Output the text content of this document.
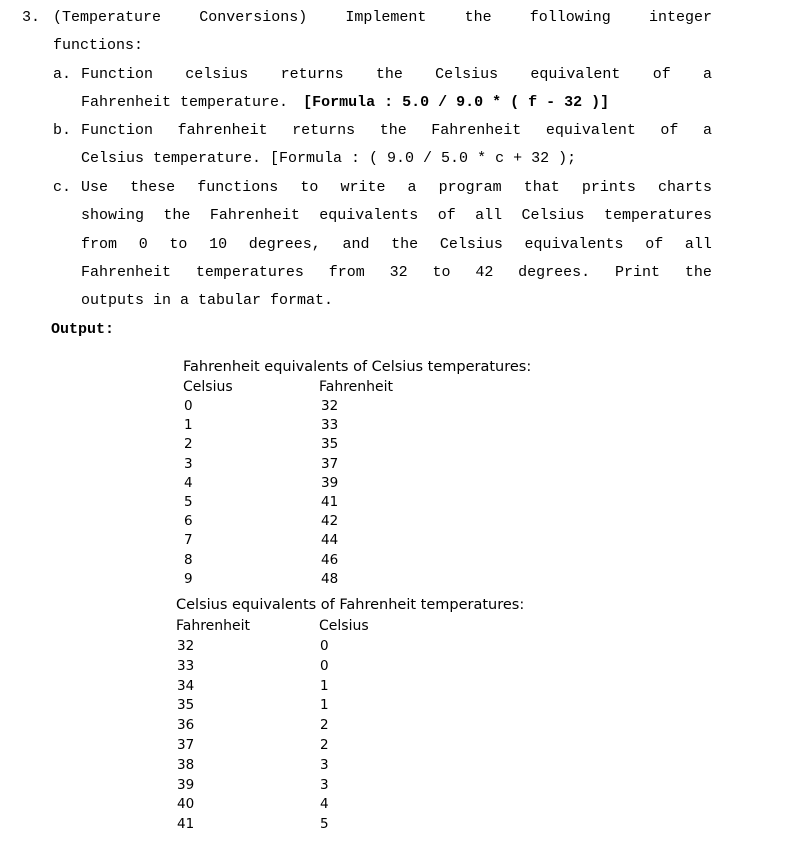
3. (Temperature	Conversions)	Implement	the	following	integer
functions:
a. Function celsius returns the Celsius equivalent of a
Fahrenheit temperature. [Formula : 5.0 / 9.0 * ( f - 32 )]
b. Function fahrenheit returns the Fahrenheit equivalent of a
Celsius temperature. [Formula : ( 9.0 / 5.0 * c + 32 );
c. Use these functions to write a program that prints charts
showing the Fahrenheit equivalents of all Celsius temperatures
from 0 to 10 degrees, and the Celsius equivalents of all
Fahrenheit temperatures from 32 to 42 degrees. Print the
outputs in a tabular format.
Output:
Fahrenheit equivalents of Celsius temperatures:
Celsius	Fahrenheit
0	32
1	33
2	35
3	37
4	39
5	41
6	42
7	44
8	46
9	48
Celsius equivalents of Fahrenheit temperatures:
Fahrenheit	Celsius
32	0
33	0
34	1
35	1
36	2
37	2
38	3
39	3
40	4
41	5
